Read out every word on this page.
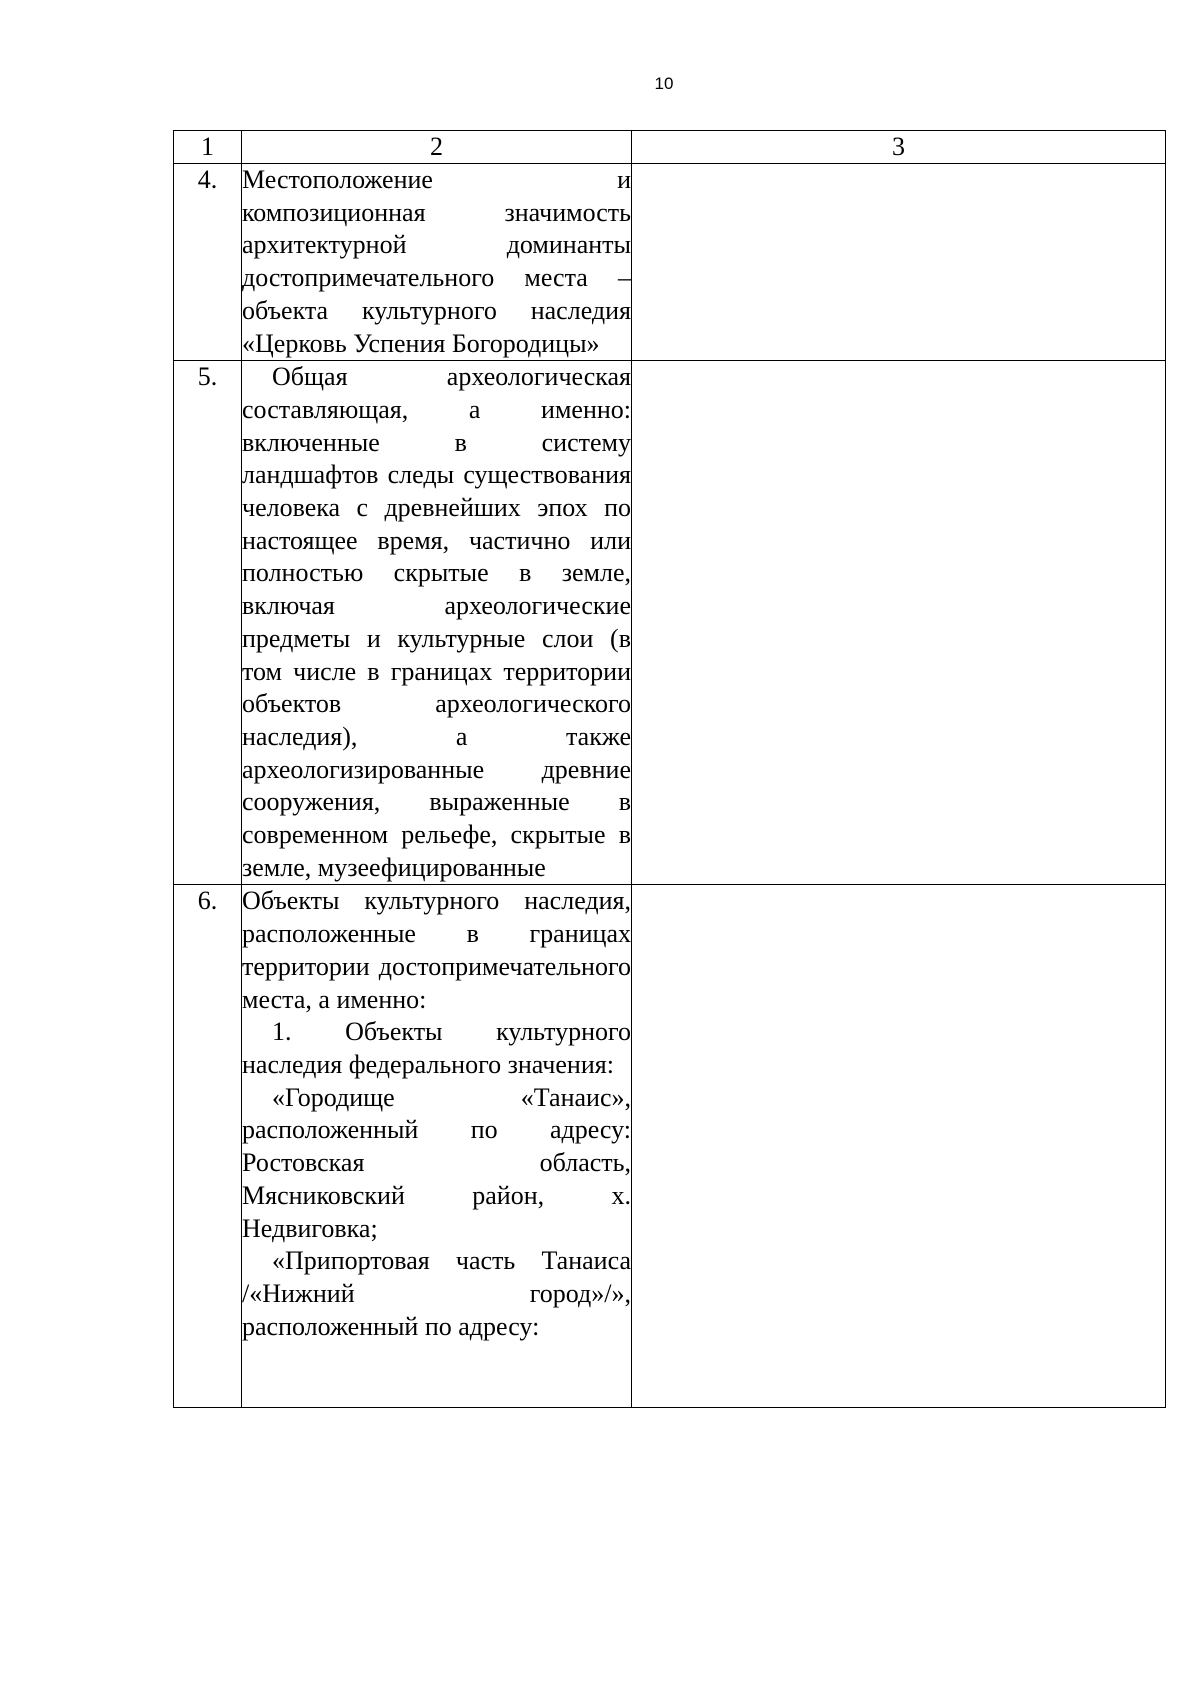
10
1	2	3
4.	Местоположение и композиционная значимость архитектурной доминанты достопримечательного места – объекта культурного наследия «Церковь Успения Богородицы»	

5.	Общая археологическая составляющая, а именно: включенные в систему ландшафтов следы существования человека с древнейших эпох по настоящее время, частично или полностью скрытые в земле, включая археологические предметы и культурные слои (в том числе в границах территории объектов археологического наследия), а также археологизированные древние сооружения, выраженные в современном рельефе, скрытые в земле, музеефицированные	

6.	Объекты культурного наследия, расположенные в границах территории достопримечательного места, а именно:

1. Объекты культурного наследия федерального значения:

«Городище «Танаис», расположенный по адресу: Ростовская область, Мясниковский район, х. Недвиговка;

«Припортовая часть Танаиса /«Нижний город»/», расположенный по адресу:	
